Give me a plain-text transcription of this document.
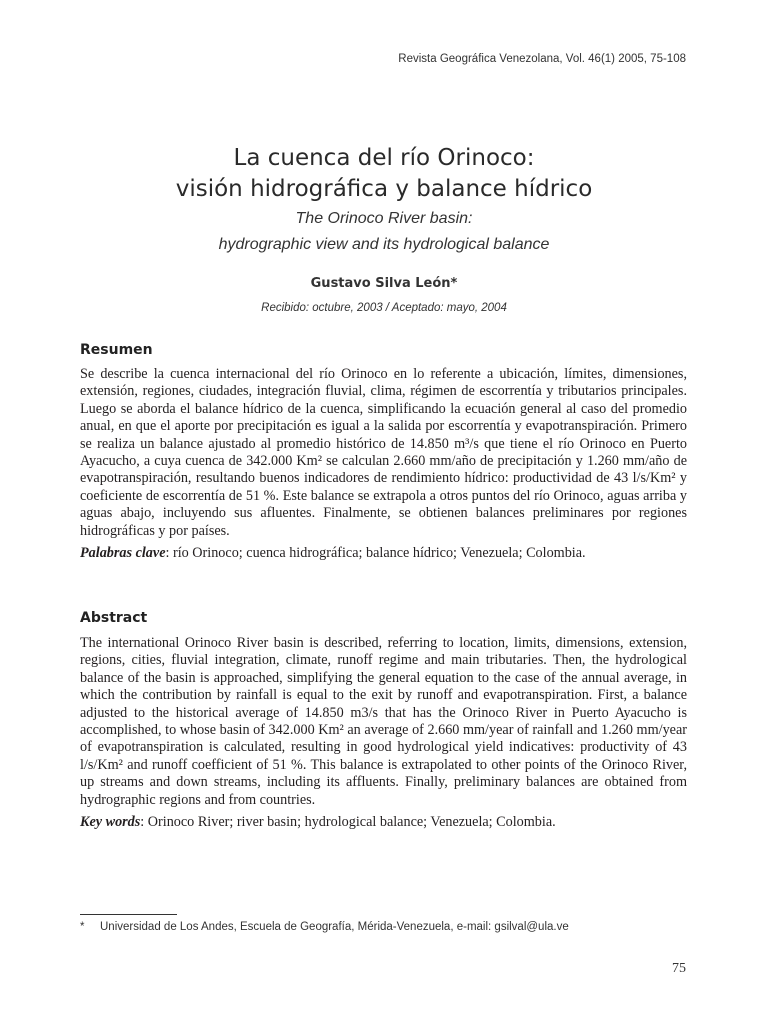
Revista Geográfica Venezolana, Vol. 46(1) 2005, 75-108
La cuenca del río Orinoco:
visión hidrográfica y balance hídrico
The Orinoco River basin:
hydrographic view and its hydrological balance
Gustavo Silva León*
Recibido: octubre, 2003 / Aceptado: mayo, 2004
Resumen

Se describe la cuenca internacional del río Orinoco en lo referente a ubicación, límites, dimensiones, extensión, regiones, ciudades, integración fluvial, clima, régimen de escorrentía y tributarios principales. Luego se aborda el balance hídrico de la cuenca, simplificando la ecuación general al caso del promedio anual, en que el aporte por precipitación es igual a la salida por escorrentía y evapotranspiración. Primero se realiza un balance ajustado al promedio histórico de 14.850 m³/s que tiene el río Orinoco en Puerto Ayacucho, a cuya cuenca de 342.000 Km² se calculan 2.660 mm/año de precipitación y 1.260 mm/año de evapotranspiración, resultando buenos indicadores de rendimiento hídrico: productividad de 43 l/s/Km² y coeficiente de escorrentía de 51 %. Este balance se extrapola a otros puntos del río Orinoco, aguas arriba y aguas abajo, incluyendo sus afluentes. Finalmente, se obtienen balances preliminares por regiones hidrográficas y por países.

Palabras clave: río Orinoco; cuenca hidrográfica; balance hídrico; Venezuela; Colombia.

Abstract

The international Orinoco River basin is described, referring to location, limits, dimensions, extension, regions, cities, fluvial integration, climate, runoff regime and main tributaries. Then, the hydrological balance of the basin is approached, simplifying the general equation to the case of the annual average, in which the contribution by rainfall is equal to the exit by runoff and evapotranspiration. First, a balance adjusted to the historical average of 14.850 m3/s that has the Orinoco River in Puerto Ayacucho is accomplished, to whose basin of 342.000 Km² an average of 2.660 mm/year of rainfall and 1.260 mm/year of evapotranspiration is calculated, resulting in good hydrological yield indicatives: productivity of 43 l/s/Km² and runoff coefficient of 51 %. This balance is extrapolated to other points of the Orinoco River, up streams and down streams, including its affluents. Finally, preliminary balances are obtained from hydrographic regions and from countries.

Key words: Orinoco River; river basin; hydrological balance; Venezuela; Colombia.

* Universidad de Los Andes, Escuela de Geografía, Mérida-Venezuela, e-mail: gsilval@ula.ve
75
